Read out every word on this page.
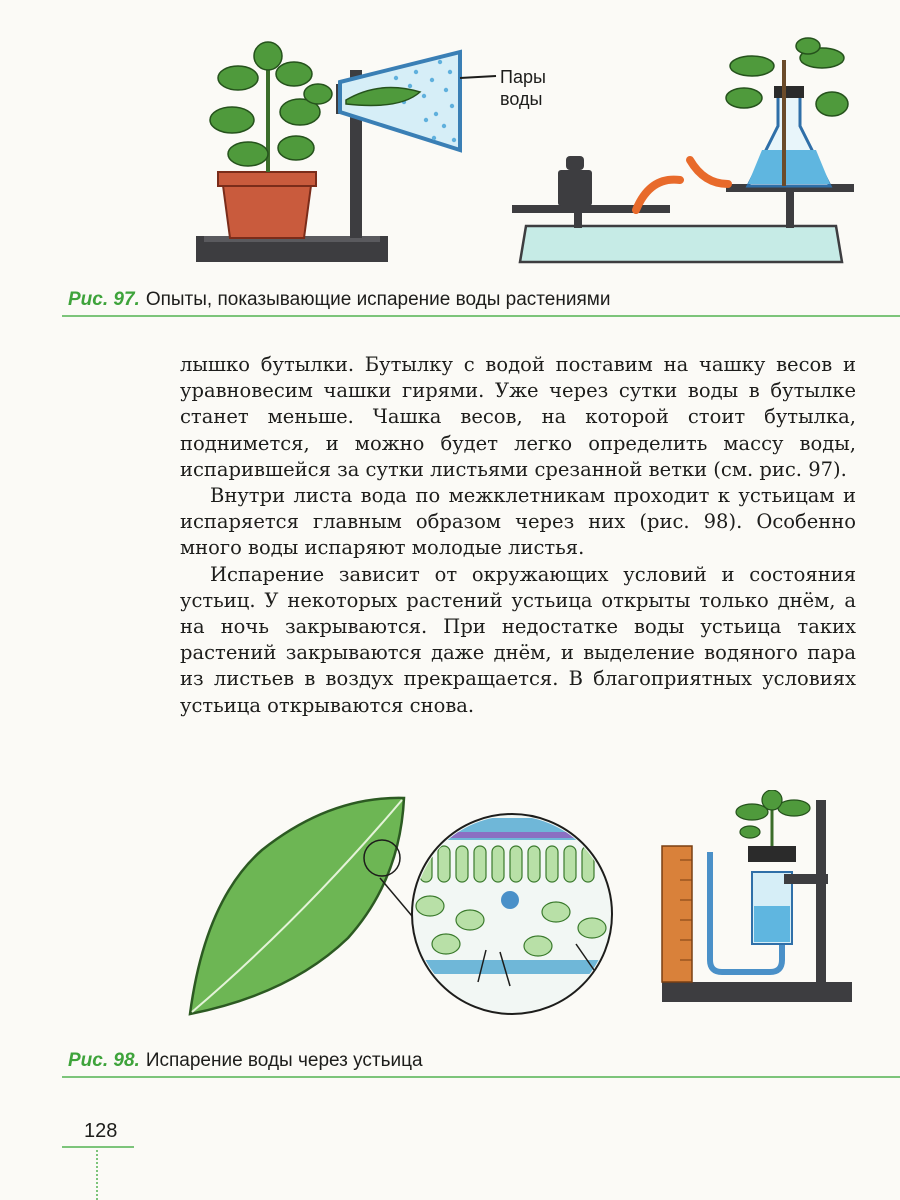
Пары
воды
Рис. 97. Опыты, показывающие испарение воды растениями

лышко бутылки. Бутылку с водой поставим на чашку весов и уравновесим чашки гирями. Уже через сутки воды в бутылке станет меньше. Чашка весов, на которой стоит бутылка, поднимется, и можно будет легко определить массу воды, испарившейся за сутки листьями срезанной ветки (см. рис. 97).

Внутри листа вода по межклетникам проходит к устьицам и испаряется главным образом через них (рис. 98). Особенно много воды испаряют молодые листья.

Испарение зависит от окружающих условий и состояния устьиц. У некоторых растений устьица открыты только днём, а на ночь закрываются. При недостатке воды устьица таких растений закрываются даже днём, и выделение водяного пара из листьев в воздух прекращается. В благоприятных условиях устьица открываются снова.

Рис. 98. Испарение воды через устьица
128
